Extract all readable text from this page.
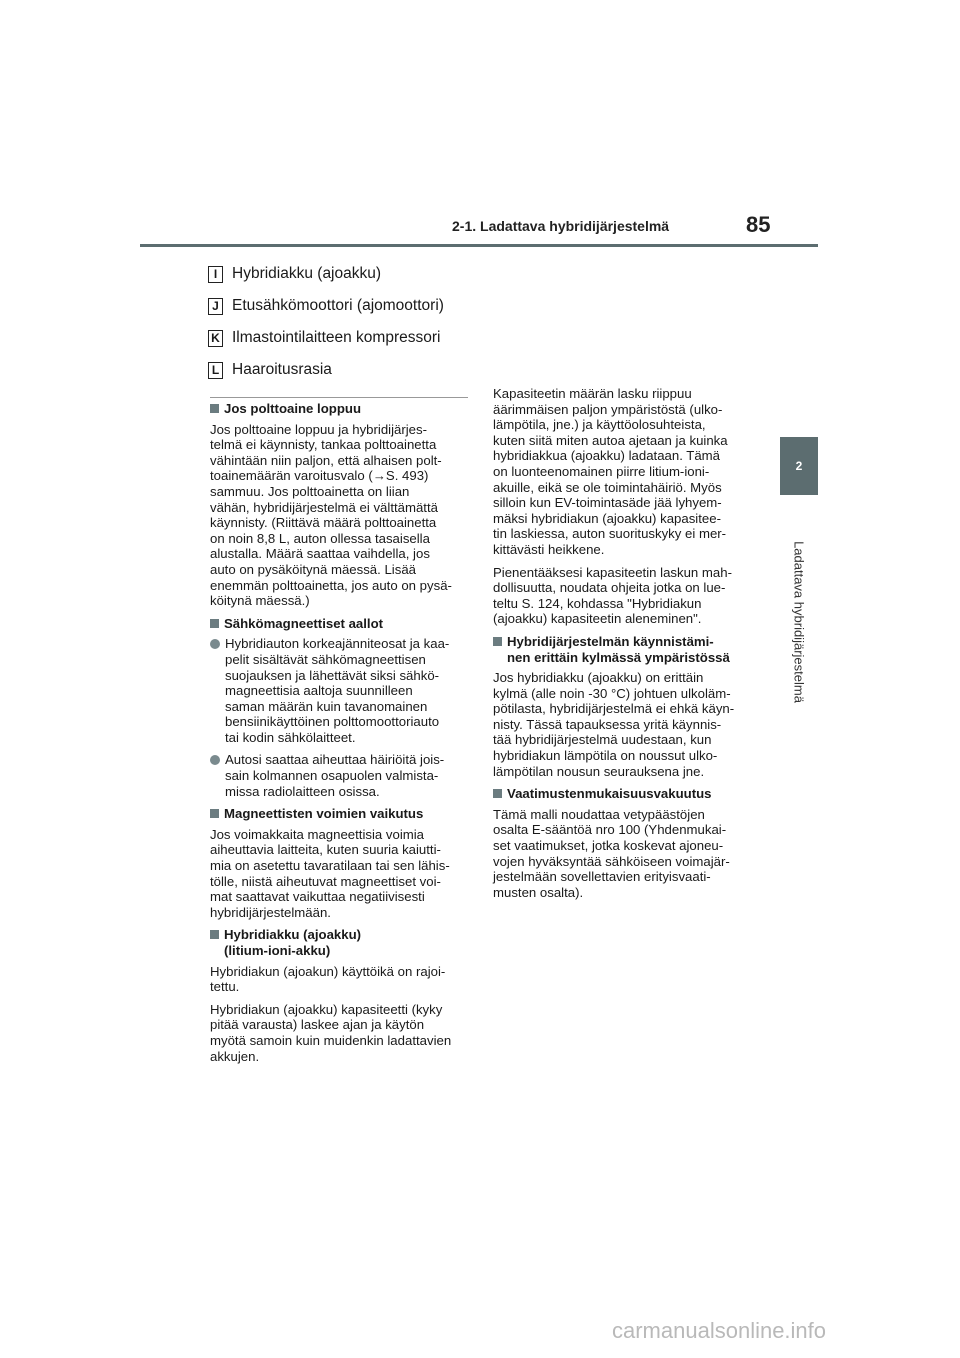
2-1. Ladattava hybridijärjestelmä	85
2
Ladattava hybridijärjestelmä
I Hybridiakku (ajoakku)
J Etusähkömoottori (ajomoottori)
K Ilmastointilaitteen kompressori
L Haaroitusrasia
Jos polttoaine loppuu

Jos polttoaine loppuu ja hybridijärjes-
telmä ei käynnisty, tankaa polttoainetta
vähintään niin paljon, että alhaisen polt-
toainemäärän varoitusvalo (→S. 493)
sammuu. Jos polttoainetta on liian
vähän, hybridijärjestelmä ei välttämättä
käynnisty. (Riittävä määrä polttoainetta
on noin 8,8 L, auton ollessa tasaisella
alustalla. Määrä saattaa vaihdella, jos
auto on pysäköitynä mäessä. Lisää
enemmän polttoainetta, jos auto on pysä-
köitynä mäessä.)

Sähkömagneettiset aallot
Hybridiauton korkeajänniteosat ja kaa-
pelit sisältävät sähkömagneettisen
suojauksen ja lähettävät siksi sähkö-
magneettisia aaltoja suunnilleen
saman määrän kuin tavanomainen
bensiinikäyttöinen polttomoottoriauto
tai kodin sähkölaitteet.
Autosi saattaa aiheuttaa häiriöitä jois-
sain kolmannen osapuolen valmista-
missa radiolaitteen osissa.
Magneettisten voimien vaikutus

Jos voimakkaita magneettisia voimia
aiheuttavia laitteita, kuten suuria kaiutti-
mia on asetettu tavaratilaan tai sen lähis-
tölle, niistä aiheutuvat magneettiset voi-
mat saattavat vaikuttaa negatiivisesti
hybridijärjestelmään.

Hybridiakku (ajoakku)
(litium-ioni-akku)

Hybridiakun (ajoakun) käyttöikä on rajoi-
tettu.

Hybridiakun (ajoakku) kapasiteetti (kyky
pitää varausta) laskee ajan ja käytön
myötä samoin kuin muidenkin ladattavien
akkujen.

Kapasiteetin määrän lasku riippuu
äärimmäisen paljon ympäristöstä (ulko-
lämpötila, jne.) ja käyttöolosuhteista,
kuten siitä miten autoa ajetaan ja kuinka
hybridiakkua (ajoakku) ladataan. Tämä
on luonteenomainen piirre litium-ioni-
akuille, eikä se ole toimintahäiriö. Myös
silloin kun EV-toimintasäde jää lyhyem-
mäksi hybridiakun (ajoakku) kapasitee-
tin laskiessa, auton suorituskyky ei mer-
kittävästi heikkene.

Pienentääksesi kapasiteetin laskun mah-
dollisuutta, noudata ohjeita jotka on lue-
teltu S. 124, kohdassa "Hybridiakun
(ajoakku) kapasiteetin aleneminen".

Hybridijärjestelmän käynnistämi-
nen erittäin kylmässä ympäristössä

Jos hybridiakku (ajoakku) on erittäin
kylmä (alle noin -30 °C) johtuen ulkoläm-
pötilasta, hybridijärjestelmä ei ehkä käyn-
nisty. Tässä tapauksessa yritä käynnis-
tää hybridijärjestelmä uudestaan, kun
hybridiakun lämpötila on noussut ulko-
lämpötilan nousun seurauksena jne.

Vaatimustenmukaisuusvakuutus

Tämä malli noudattaa vetypäästöjen
osalta E-sääntöä nro 100 (Yhdenmukai-
set vaatimukset, jotka koskevat ajoneu-
vojen hyväksyntää sähköiseen voimajär-
jestelmään sovellettavien erityisvaati-
musten osalta).

carmanualsonline.info
